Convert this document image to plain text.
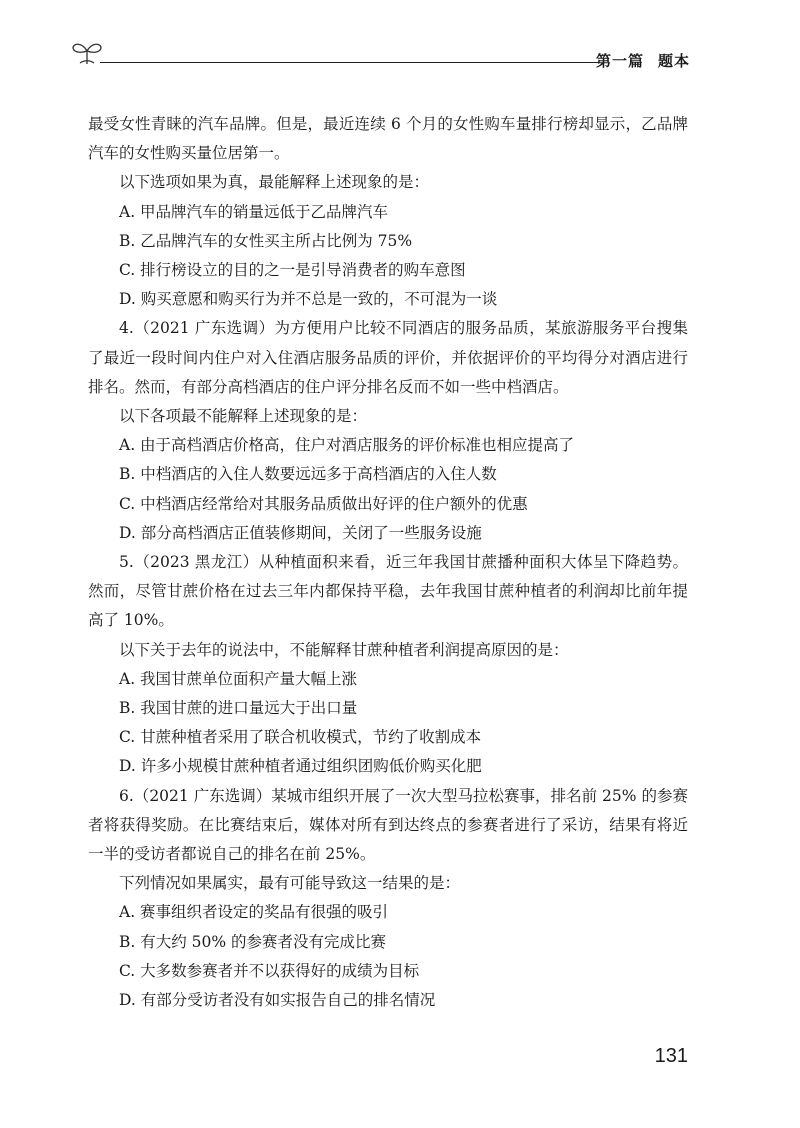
第一篇 题本

最受女性青睐的汽车品牌。但是，最近连续 6 个月的女性购车量排行榜却显示，乙品牌汽车的女性购买量位居第一。

以下选项如果为真，最能解释上述现象的是：

A. 甲品牌汽车的销量远低于乙品牌汽车

B. 乙品牌汽车的女性买主所占比例为 75%

C. 排行榜设立的目的之一是引导消费者的购车意图

D. 购买意愿和购买行为并不总是一致的，不可混为一谈

4.（2021 广东选调）为方便用户比较不同酒店的服务品质，某旅游服务平台搜集了最近一段时间内住户对入住酒店服务品质的评价，并依据评价的平均得分对酒店进行排名。然而，有部分高档酒店的住户评分排名反而不如一些中档酒店。

以下各项最不能解释上述现象的是：

A. 由于高档酒店价格高，住户对酒店服务的评价标准也相应提高了

B. 中档酒店的入住人数要远远多于高档酒店的入住人数

C. 中档酒店经常给对其服务品质做出好评的住户额外的优惠

D. 部分高档酒店正值装修期间，关闭了一些服务设施

5.（2023 黑龙江）从种植面积来看，近三年我国甘蔗播种面积大体呈下降趋势。然而，尽管甘蔗价格在过去三年内都保持平稳，去年我国甘蔗种植者的利润却比前年提高了 10%。

以下关于去年的说法中，不能解释甘蔗种植者利润提高原因的是：

A. 我国甘蔗单位面积产量大幅上涨

B. 我国甘蔗的进口量远大于出口量

C. 甘蔗种植者采用了联合机收模式，节约了收割成本

D. 许多小规模甘蔗种植者通过组织团购低价购买化肥

6.（2021 广东选调）某城市组织开展了一次大型马拉松赛事，排名前 25% 的参赛者将获得奖励。在比赛结束后，媒体对所有到达终点的参赛者进行了采访，结果有将近一半的受访者都说自己的排名在前 25%。

下列情况如果属实，最有可能导致这一结果的是：

A. 赛事组织者设定的奖品有很强的吸引

B. 有大约 50% 的参赛者没有完成比赛

C. 大多数参赛者并不以获得好的成绩为目标

D. 有部分受访者没有如实报告自己的排名情况

131
